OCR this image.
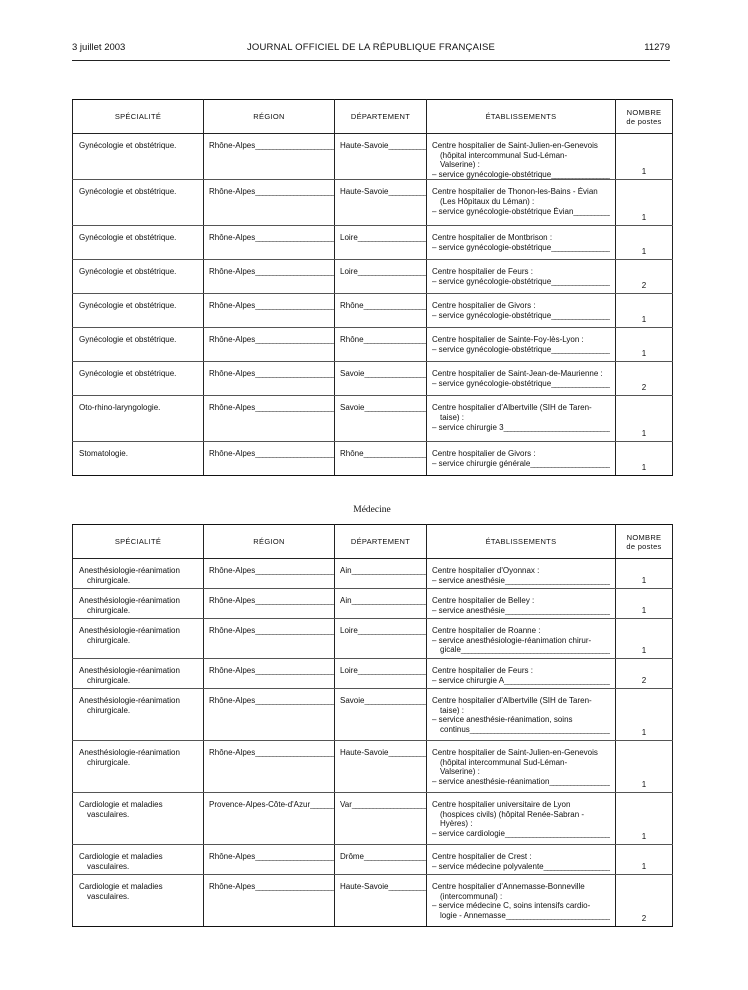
3 juillet 2003	JOURNAL OFFICIEL DE LA RÉPUBLIQUE FRANÇAISE	11279
SPÉCIALITÉ	RÉGION	DÉPARTEMENT	ÉTABLISSEMENTS	NOMBRE
de postes

Gynécologie et obstétrique.	Rhône-Alpes _____	Haute-Savoie _____	Centre hospitalier de Saint-Julien-en-Genevois
(hôpital intercommunal Sud-Léman-
Valserine) :
– service gynécologie-obstétrique _____	1

Gynécologie et obstétrique.	Rhône-Alpes _____	Haute-Savoie _____	Centre hospitalier de Thonon-les-Bains - Évian
(Les Hôpitaux du Léman) :
– service gynécologie-obstétrique Évian _____	1

Gynécologie et obstétrique.	Rhône-Alpes _____	Loire _____	Centre hospitalier de Montbrison :
– service gynécologie-obstétrique _____	1

Gynécologie et obstétrique.	Rhône-Alpes _____	Loire _____	Centre hospitalier de Feurs :
– service gynécologie-obstétrique _____	2

Gynécologie et obstétrique.	Rhône-Alpes _____	Rhône _____	Centre hospitalier de Givors :
– service gynécologie-obstétrique _____	1

Gynécologie et obstétrique.	Rhône-Alpes _____	Rhône _____	Centre hospitalier de Sainte-Foy-lès-Lyon :
– service gynécologie-obstétrique _____	1

Gynécologie et obstétrique.	Rhône-Alpes _____	Savoie _____	Centre hospitalier de Saint-Jean-de-Maurienne :
– service gynécologie-obstétrique _____	2

Oto-rhino-laryngologie.	Rhône-Alpes _____	Savoie _____	Centre hospitalier d'Albertville (SIH de Taren-
taise) :
– service chirurgie 3 _____	1

Stomatologie.	Rhône-Alpes _____	Rhône _____	Centre hospitalier de Givors :
– service chirurgie générale _____	1
Médecine
SPÉCIALITÉ	RÉGION	DÉPARTEMENT	ÉTABLISSEMENTS	NOMBRE
de postes

Anesthésiologie-réanimation
chirurgicale.	Rhône-Alpes _____	Ain _____	Centre hospitalier d'Oyonnax :
– service anesthésie _____	1

Anesthésiologie-réanimation
chirurgicale.	Rhône-Alpes _____	Ain _____	Centre hospitalier de Belley :
– service anesthésie _____	1

Anesthésiologie-réanimation
chirurgicale.	Rhône-Alpes _____	Loire _____	Centre hospitalier de Roanne :
– service anesthésiologie-réanimation chirur-
gicale _____	1

Anesthésiologie-réanimation
chirurgicale.	Rhône-Alpes _____	Loire _____	Centre hospitalier de Feurs :
– service chirurgie A _____	2

Anesthésiologie-réanimation
chirurgicale.	Rhône-Alpes _____	Savoie _____	Centre hospitalier d'Albertville (SIH de Taren-
taise) :
– service anesthésie-réanimation, soins
continus _____	1

Anesthésiologie-réanimation
chirurgicale.	Rhône-Alpes _____	Haute-Savoie _____	Centre hospitalier de Saint-Julien-en-Genevois
(hôpital intercommunal Sud-Léman-
Valserine) :
– service anesthésie-réanimation _____	1

Cardiologie et maladies
vasculaires.	Provence-Alpes-Côte-d'Azur _____	Var _____	Centre hospitalier universitaire de Lyon
(hospices civils) (hôpital Renée-Sabran -
Hyères) :
– service cardiologie _____	1

Cardiologie et maladies
vasculaires.	Rhône-Alpes _____	Drôme _____	Centre hospitalier de Crest :
– service médecine polyvalente _____	1

Cardiologie et maladies
vasculaires.	Rhône-Alpes _____	Haute-Savoie _____	Centre hospitalier d'Annemasse-Bonneville
(intercommunal) :
– service médecine C, soins intensifs cardio-
logie - Annemasse _____	2
